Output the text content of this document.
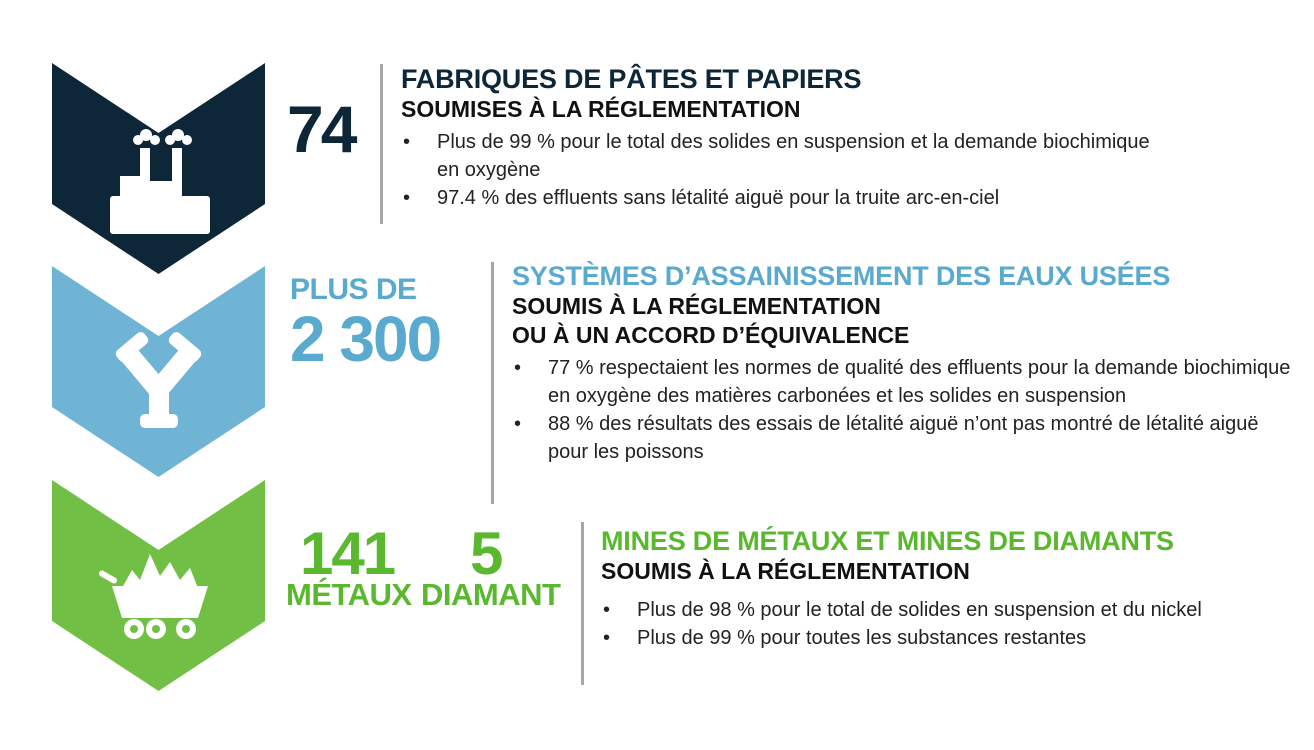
74
FABRIQUES DE PÂTES ET PAPIERS
SOUMISES À LA RÉGLEMENTATION
• Plus de 99 % pour le total des solides en suspension et la demande biochimique en oxygène
• 97.4 % des effluents sans létalité aiguë pour la truite arc-en-ciel
PLUS DE
2 300
SYSTÈMES D’ASSAINISSEMENT DES EAUX USÉES
SOUMIS À LA RÉGLEMENTATION
OU À UN ACCORD D’ÉQUIVALENCE
• 77 % respectaient les normes de qualité des effluents pour la demande biochimique en oxygène des matières carbonées et les solides en suspension
• 88 % des résultats des essais de létalité aiguë n’ont pas montré de létalité aiguë pour les poissons
141
MÉTAUX
5
DIAMANT
MINES DE MÉTAUX ET MINES DE DIAMANTS
SOUMIS À LA RÉGLEMENTATION
• Plus de 98 % pour le total de solides en suspension et du nickel
• Plus de 99 % pour toutes les substances restantes
